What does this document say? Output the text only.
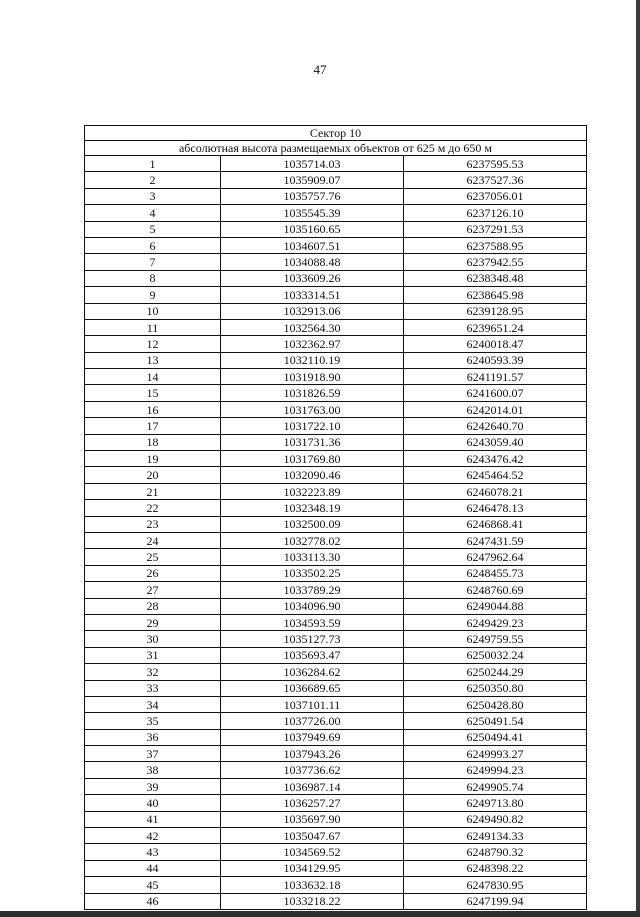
47
Сектор 10		
абсолютная высота размещаемых объектов от 625 м до 650 м		
1	1035714.03	6237595.53
2	1035909.07	6237527.36
3	1035757.76	6237056.01
4	1035545.39	6237126.10
5	1035160.65	6237291.53
6	1034607.51	6237588.95
7	1034088.48	6237942.55
8	1033609.26	6238348.48
9	1033314.51	6238645.98
10	1032913.06	6239128.95
11	1032564.30	6239651.24
12	1032362.97	6240018.47
13	1032110.19	6240593.39
14	1031918.90	6241191.57
15	1031826.59	6241600.07
16	1031763.00	6242014.01
17	1031722.10	6242640.70
18	1031731.36	6243059.40
19	1031769.80	6243476.42
20	1032090.46	6245464.52
21	1032223.89	6246078.21
22	1032348.19	6246478.13
23	1032500.09	6246868.41
24	1032778.02	6247431.59
25	1033113.30	6247962.64
26	1033502.25	6248455.73
27	1033789.29	6248760.69
28	1034096.90	6249044.88
29	1034593.59	6249429.23
30	1035127.73	6249759.55
31	1035693.47	6250032.24
32	1036284.62	6250244.29
33	1036689.65	6250350.80
34	1037101.11	6250428.80
35	1037726.00	6250491.54
36	1037949.69	6250494.41
37	1037943.26	6249993.27
38	1037736.62	6249994.23
39	1036987.14	6249905.74
40	1036257.27	6249713.80
41	1035697.90	6249490.82
42	1035047.67	6249134.33
43	1034569.52	6248790.32
44	1034129.95	6248398.22
45	1033632.18	6247830.95
46	1033218.22	6247199.94
